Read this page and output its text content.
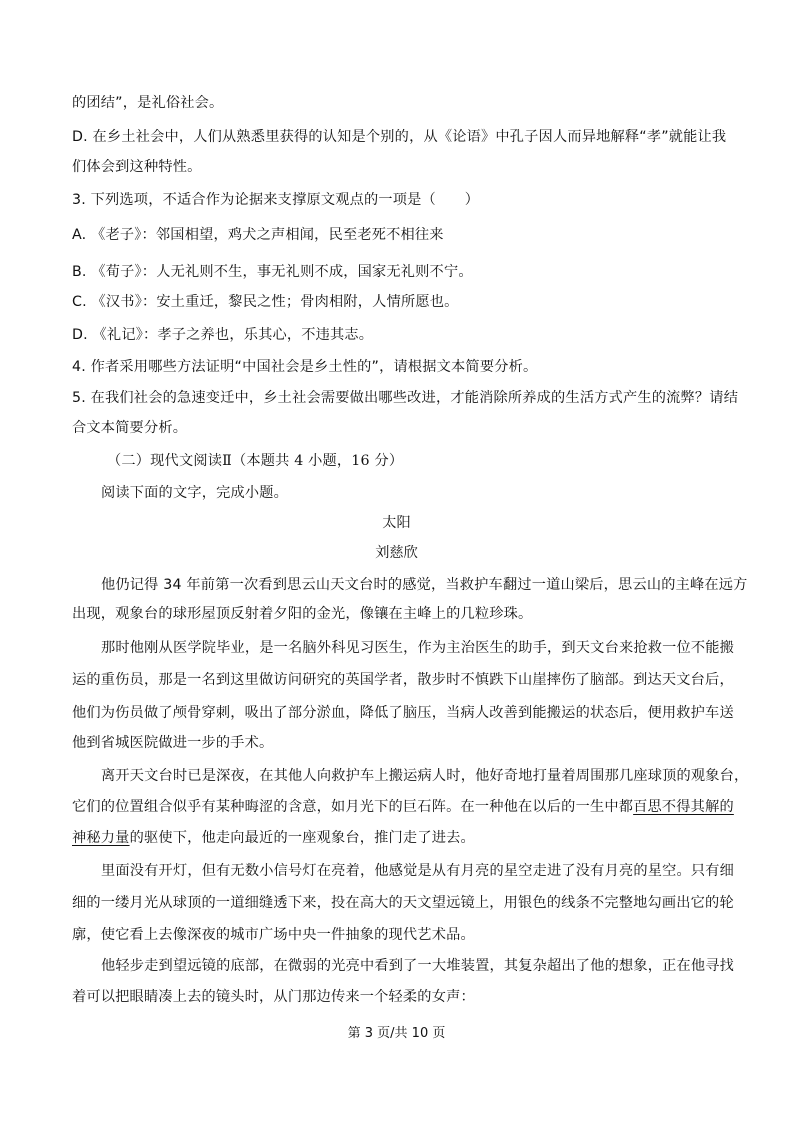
的团结”，是礼俗社会。
D. 在乡土社会中，人们从熟悉里获得的认知是个别的，从《论语》中孔子因人而异地解释“孝”就能让我
们体会到这种特性。
3. 下列选项，不适合作为论据来支撑原文观点的一项是（　　）
A. 《老子》：邻国相望，鸡犬之声相闻，民至老死不相往来
B. 《荀子》：人无礼则不生，事无礼则不成，国家无礼则不宁。
C. 《汉书》：安土重迁，黎民之性；骨肉相附，人情所愿也。
D. 《礼记》：孝子之养也，乐其心，不违其志。
4. 作者采用哪些方法证明“中国社会是乡土性的”，请根据文本简要分析。
5. 在我们社会的急速变迁中，乡土社会需要做出哪些改进，才能消除所养成的生活方式产生的流弊？请结
合文本简要分析。
（二）现代文阅读Ⅱ（本题共 4 小题，16 分）
阅读下面的文字，完成小题。
太阳
刘慈欣
他仍记得 34 年前第一次看到思云山天文台时的感觉，当救护车翻过一道山梁后，思云山的主峰在远方
出现，观象台的球形屋顶反射着夕阳的金光，像镶在主峰上的几粒珍珠。
那时他刚从医学院毕业，是一名脑外科见习医生，作为主治医生的助手，到天文台来抢救一位不能搬
运的重伤员，那是一名到这里做访问研究的英国学者，散步时不慎跌下山崖摔伤了脑部。到达天文台后，
他们为伤员做了颅骨穿刺，吸出了部分淤血，降低了脑压，当病人改善到能搬运的状态后，便用救护车送
他到省城医院做进一步的手术。
离开天文台时已是深夜，在其他人向救护车上搬运病人时，他好奇地打量着周围那几座球顶的观象台，
它们的位置组合似乎有某种晦涩的含意，如月光下的巨石阵。在一种他在以后的一生中都百思不得其解的
神秘力量的驱使下，他走向最近的一座观象台，推门走了进去。
里面没有开灯，但有无数小信号灯在亮着，他感觉是从有月亮的星空走进了没有月亮的星空。只有细
细的一缕月光从球顶的一道细缝透下来，投在高大的天文望远镜上，用银色的线条不完整地勾画出它的轮
廓，使它看上去像深夜的城市广场中央一件抽象的现代艺术品。
他轻步走到望远镜的底部，在微弱的光亮中看到了一大堆装置，其复杂超出了他的想象，正在他寻找
着可以把眼睛凑上去的镜头时，从门那边传来一个轻柔的女声：
第 3 页/共 10 页
